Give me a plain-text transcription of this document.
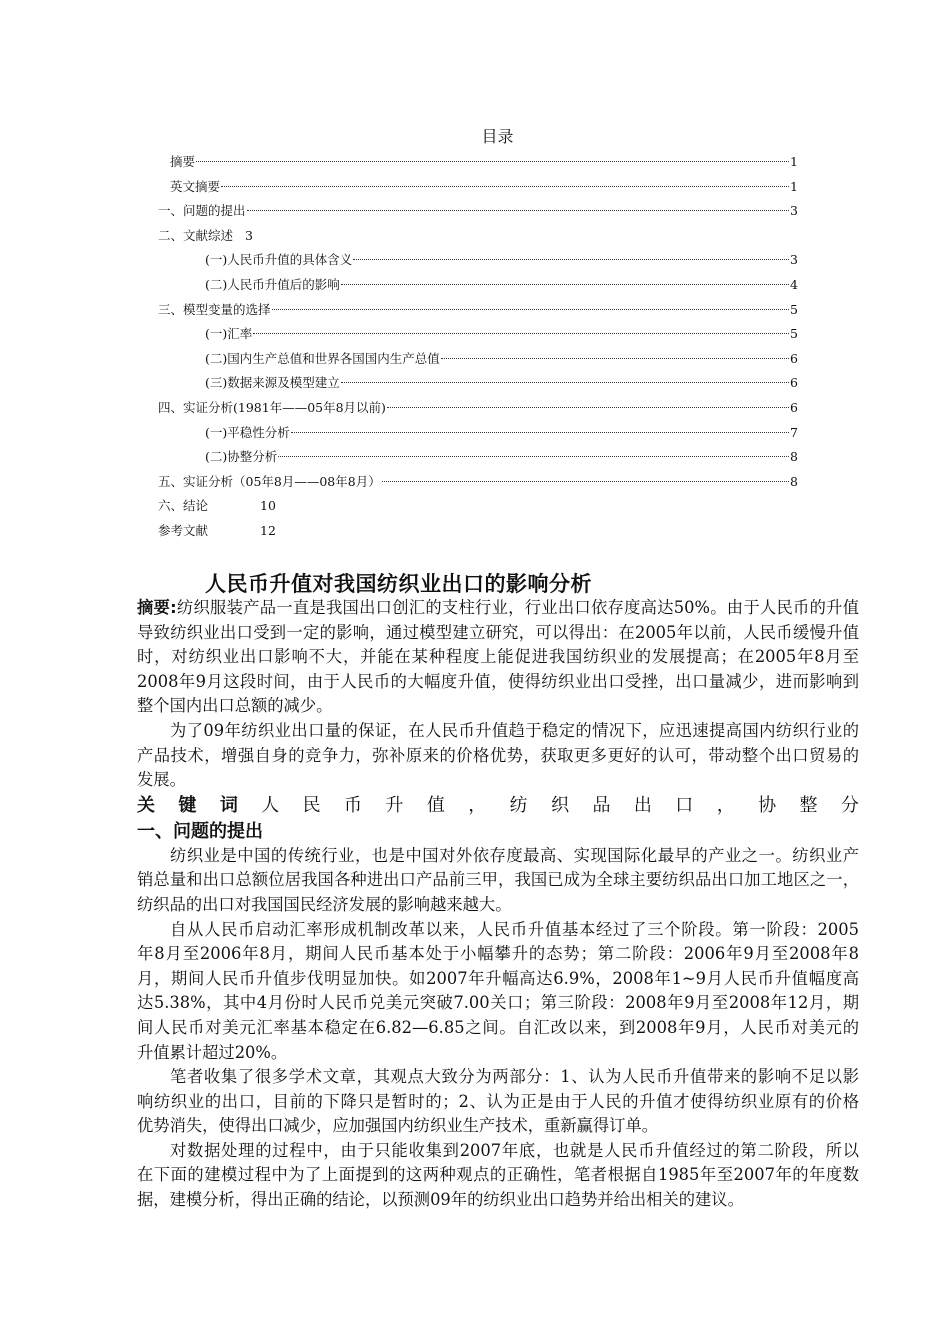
目录
摘要	1
英文摘要	1
一、问题的提出	3
二、文献综述 3
(一)人民币升值的具体含义	3
(二)人民币升值后的影响	4
三、模型变量的选择	5
(一)汇率	5
(二)国内生产总值和世界各国国内生产总值	6
(三)数据来源及模型建立	6
四、实证分析(1981年——05年8月以前)	6
(一)平稳性分析	7
(二)协整分析	8
五、实证分析（05年8月——08年8月）	8
六、结论	10
参考文献	12
人民币升值对我国纺织业出口的影响分析
摘要:纺织服装产品一直是我国出口创汇的支柱行业，行业出口依存度高达50%。由于人民币的升值
导致纺织业出口受到一定的影响，通过模型建立研究，可以得出：在2005年以前，人民币缓慢升值
时，对纺织业出口影响不大，并能在某种程度上能促进我国纺织业的发展提高；在2005年8月至
2008年9月这段时间，由于人民币的大幅度升值，使得纺织业出口受挫，出口量减少，进而影响到
整个国内出口总额的减少。
为了09年纺织业出口量的保证，在人民币升值趋于稳定的情况下，应迅速提高国内纺织行业的
产品技术，增强自身的竞争力，弥补原来的价格优势，获取更多更好的认可，带动整个出口贸易的
发展。
关 键 词 人 民 币 升 值 ， 纺 织 品 出 口 ， 协 整 分
一、问题的提出
纺织业是中国的传统行业，也是中国对外依存度最高、实现国际化最早的产业之一。纺织业产
销总量和出口总额位居我国各种进出口产品前三甲，我国已成为全球主要纺织品出口加工地区之一，
纺织品的出口对我国国民经济发展的影响越来越大。
自从人民币启动汇率形成机制改革以来，人民币升值基本经过了三个阶段。第一阶段：2005
年8月至2006年8月，期间人民币基本处于小幅攀升的态势；第二阶段：2006年9月至2008年8
月，期间人民币升值步伐明显加快。如2007年升幅高达6.9%，2008年1~9月人民币升值幅度高
达5.38%，其中4月份时人民币兑美元突破7.00关口；第三阶段：2008年9月至2008年12月，期
间人民币对美元汇率基本稳定在6.82—6.85之间。自汇改以来，到2008年9月，人民币对美元的
升值累计超过20%。
笔者收集了很多学术文章，其观点大致分为两部分：1、认为人民币升值带来的影响不足以影
响纺织业的出口，目前的下降只是暂时的；2、认为正是由于人民的升值才使得纺织业原有的价格
优势消失，使得出口减少，应加强国内纺织业生产技术，重新赢得订单。
对数据处理的过程中，由于只能收集到2007年底，也就是人民币升值经过的第二阶段，所以
在下面的建模过程中为了上面提到的这两种观点的正确性，笔者根据自1985年至2007年的年度数
据，建模分析，得出正确的结论，以预测09年的纺织业出口趋势并给出相关的建议。
